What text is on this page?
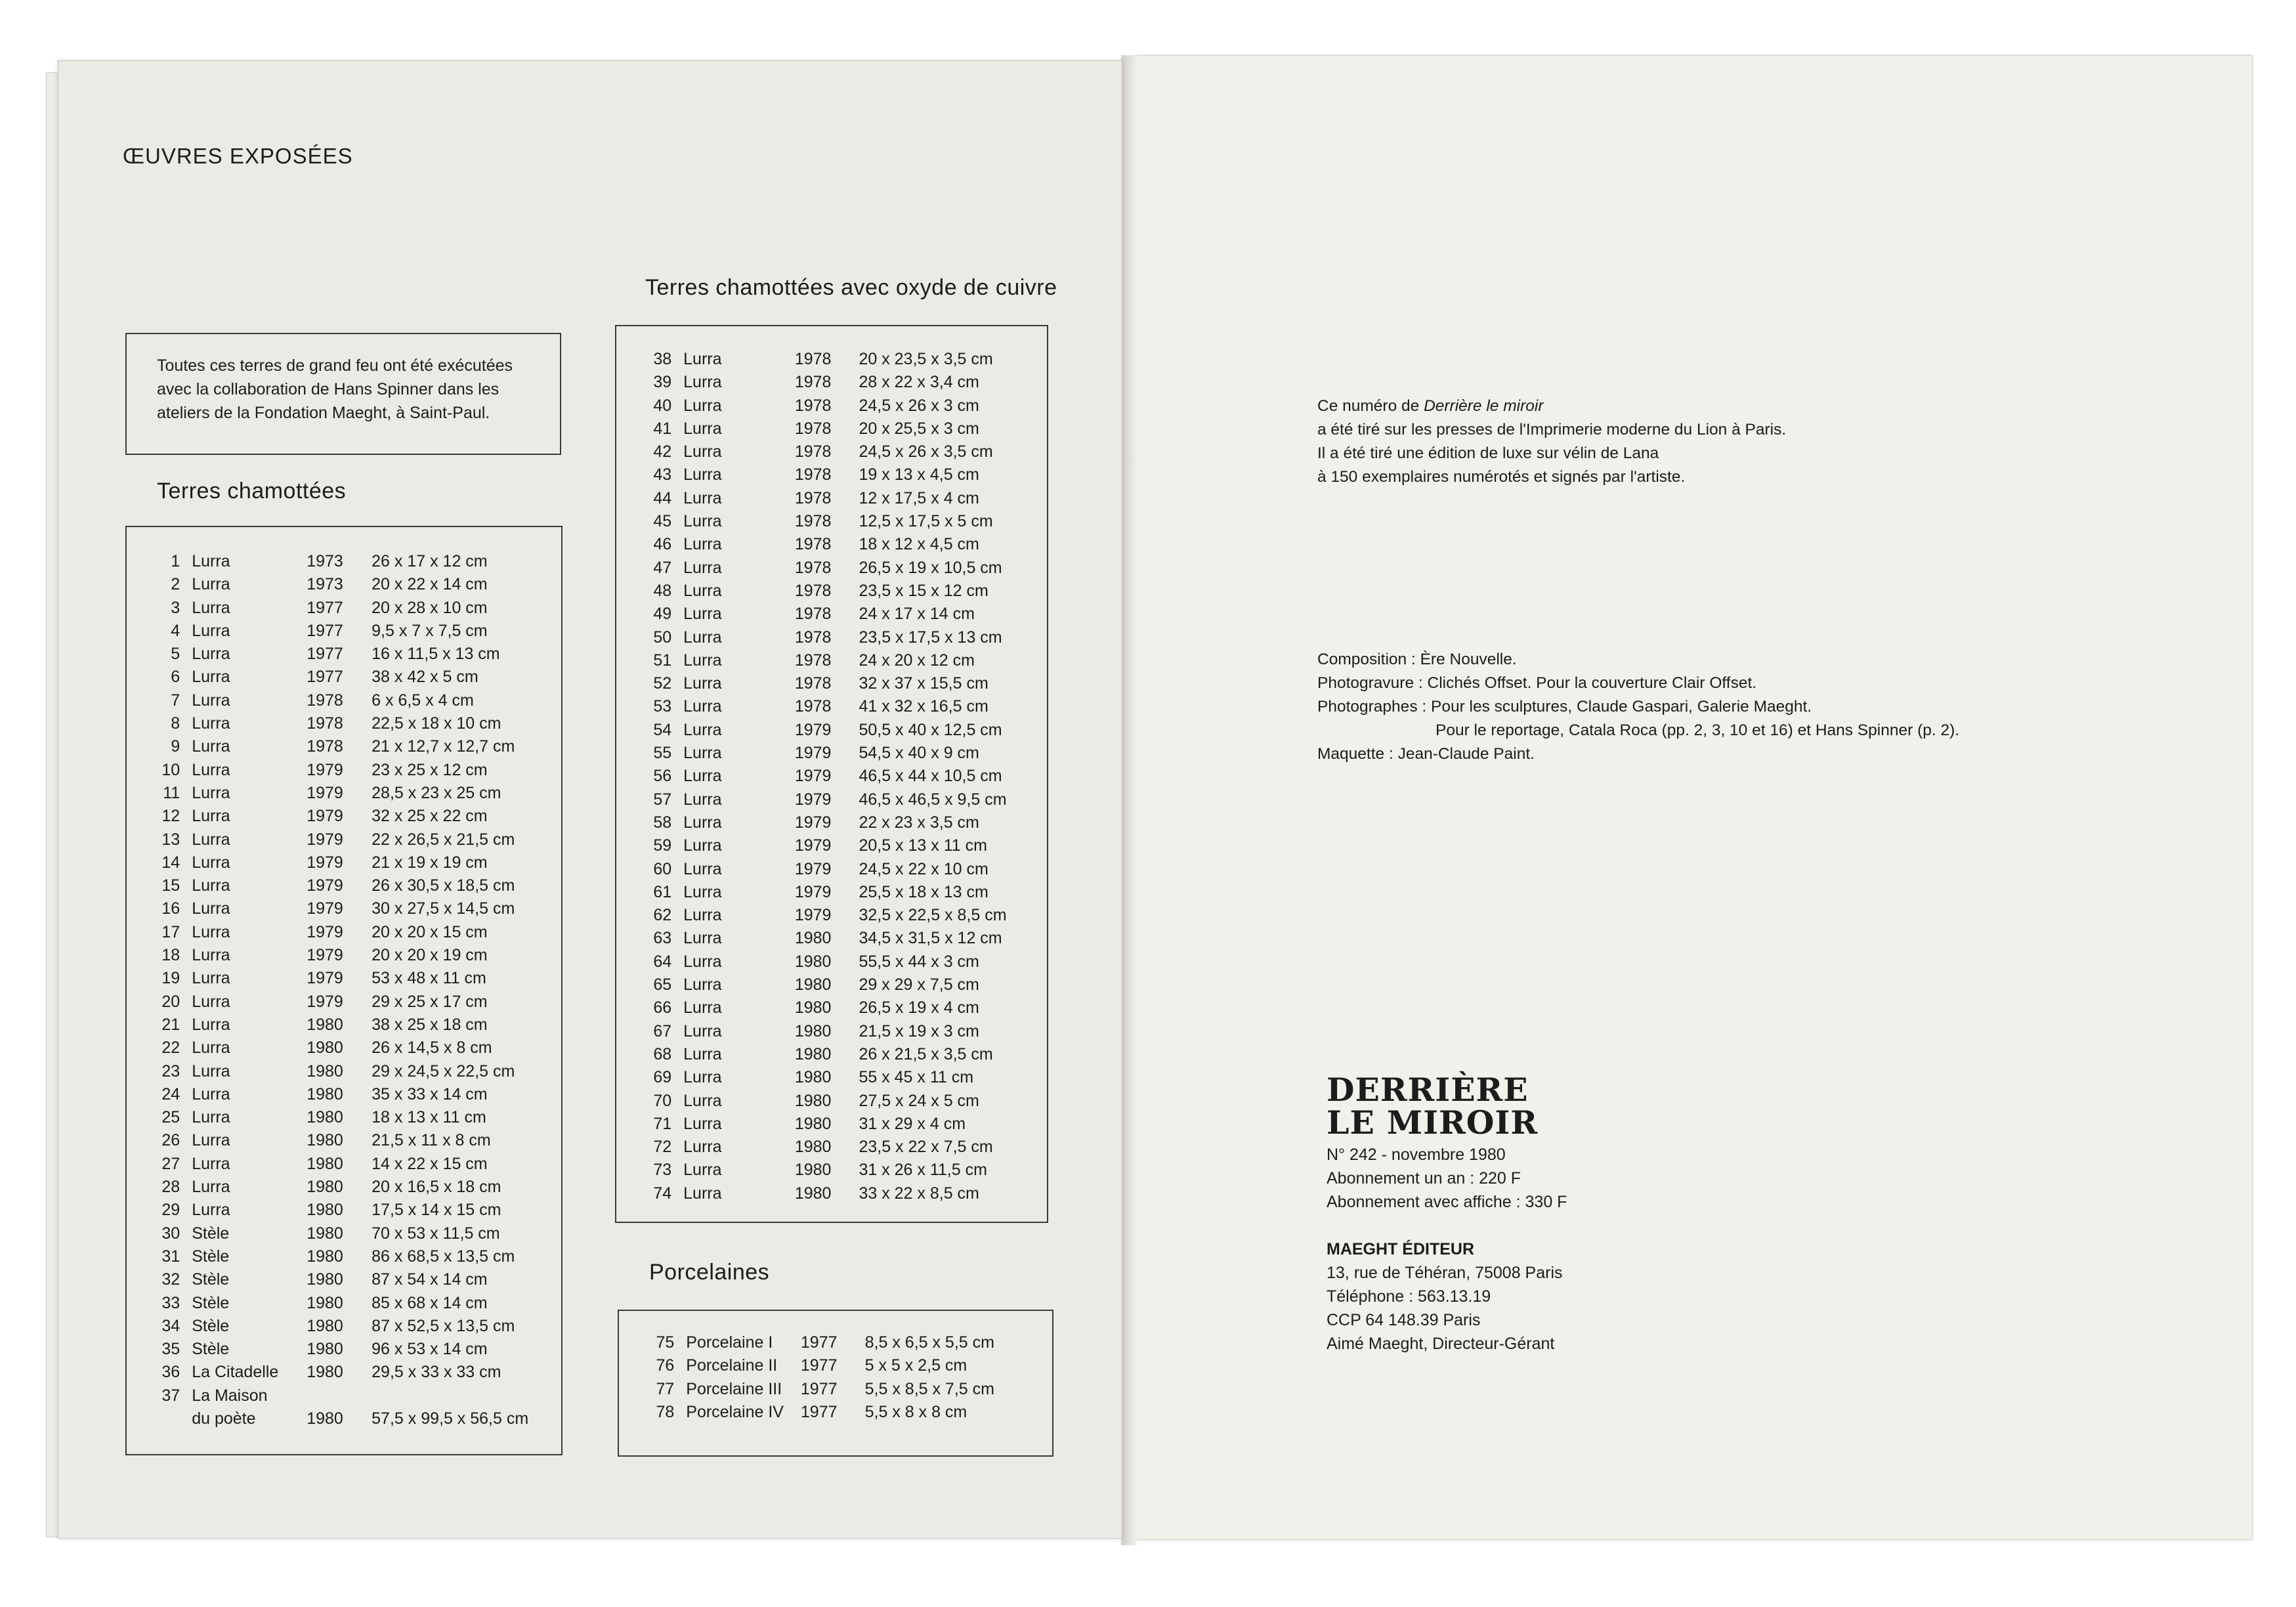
Ce numéro de Derrière le miroir
a été tiré sur les presses de l'Imprimerie moderne du Lion à Paris.
Il a été tiré une édition de luxe sur vélin de Lana
à 150 exemplaires numérotés et signés par l'artiste.
Composition : Ère Nouvelle.
Photogravure : Clichés Offset. Pour la couverture Clair Offset.
Photographes : Pour les sculptures, Claude Gaspari, Galerie Maeght.
Pour le reportage, Catala Roca (pp. 2, 3, 10 et 16) et Hans Spinner (p. 2).
Maquette : Jean-Claude Paint.
DERRIÈRE
LE MIROIR
N° 242 - novembre 1980
Abonnement un an : 220 F
Abonnement avec affiche : 330 F
MAEGHT ÉDITEUR
13, rue de Téhéran, 75008 Paris
Téléphone : 563.13.19
CCP 64 148.39 Paris
Aimé Maeght, Directeur-Gérant
ŒUVRES EXPOSÉES
Toutes ces terres de grand feu ont été exécutées avec la collaboration de Hans Spinner dans les ateliers de la Fondation Maeght, à Saint-Paul.
Terres chamottées
1	Lurra	1973	26 x 17 x 12 cm
2	Lurra	1973	20 x 22 x 14 cm
3	Lurra	1977	20 x 28 x 10 cm
4	Lurra	1977	9,5 x 7 x 7,5 cm
5	Lurra	1977	16 x 11,5 x 13 cm
6	Lurra	1977	38 x 42 x 5 cm
7	Lurra	1978	6 x 6,5 x 4 cm
8	Lurra	1978	22,5 x 18 x 10 cm
9	Lurra	1978	21 x 12,7 x 12,7 cm
10	Lurra	1979	23 x 25 x 12 cm
11	Lurra	1979	28,5 x 23 x 25 cm
12	Lurra	1979	32 x 25 x 22 cm
13	Lurra	1979	22 x 26,5 x 21,5 cm
14	Lurra	1979	21 x 19 x 19 cm
15	Lurra	1979	26 x 30,5 x 18,5 cm
16	Lurra	1979	30 x 27,5 x 14,5 cm
17	Lurra	1979	20 x 20 x 15 cm
18	Lurra	1979	20 x 20 x 19 cm
19	Lurra	1979	53 x 48 x 11 cm
20	Lurra	1979	29 x 25 x 17 cm
21	Lurra	1980	38 x 25 x 18 cm
22	Lurra	1980	26 x 14,5 x 8 cm
23	Lurra	1980	29 x 24,5 x 22,5 cm
24	Lurra	1980	35 x 33 x 14 cm
25	Lurra	1980	18 x 13 x 11 cm
26	Lurra	1980	21,5 x 11 x 8 cm
27	Lurra	1980	14 x 22 x 15 cm
28	Lurra	1980	20 x 16,5 x 18 cm
29	Lurra	1980	17,5 x 14 x 15 cm
30	Stèle	1980	70 x 53 x 11,5 cm
31	Stèle	1980	86 x 68,5 x 13,5 cm
32	Stèle	1980	87 x 54 x 14 cm
33	Stèle	1980	85 x 68 x 14 cm
34	Stèle	1980	87 x 52,5 x 13,5 cm
35	Stèle	1980	96 x 53 x 14 cm
36	La Citadelle	1980	29,5 x 33 x 33 cm
37	La Maison		
	du poète	1980	57,5 x 99,5 x 56,5 cm
Terres chamottées avec oxyde de cuivre
38	Lurra	1978	20 x 23,5 x 3,5 cm
39	Lurra	1978	28 x 22 x 3,4 cm
40	Lurra	1978	24,5 x 26 x 3 cm
41	Lurra	1978	20 x 25,5 x 3 cm
42	Lurra	1978	24,5 x 26 x 3,5 cm
43	Lurra	1978	19 x 13 x 4,5 cm
44	Lurra	1978	12 x 17,5 x 4 cm
45	Lurra	1978	12,5 x 17,5 x 5 cm
46	Lurra	1978	18 x 12 x 4,5 cm
47	Lurra	1978	26,5 x 19 x 10,5 cm
48	Lurra	1978	23,5 x 15 x 12 cm
49	Lurra	1978	24 x 17 x 14 cm
50	Lurra	1978	23,5 x 17,5 x 13 cm
51	Lurra	1978	24 x 20 x 12 cm
52	Lurra	1978	32 x 37 x 15,5 cm
53	Lurra	1978	41 x 32 x 16,5 cm
54	Lurra	1979	50,5 x 40 x 12,5 cm
55	Lurra	1979	54,5 x 40 x 9 cm
56	Lurra	1979	46,5 x 44 x 10,5 cm
57	Lurra	1979	46,5 x 46,5 x 9,5 cm
58	Lurra	1979	22 x 23 x 3,5 cm
59	Lurra	1979	20,5 x 13 x 11 cm
60	Lurra	1979	24,5 x 22 x 10 cm
61	Lurra	1979	25,5 x 18 x 13 cm
62	Lurra	1979	32,5 x 22,5 x 8,5 cm
63	Lurra	1980	34,5 x 31,5 x 12 cm
64	Lurra	1980	55,5 x 44 x 3 cm
65	Lurra	1980	29 x 29 x 7,5 cm
66	Lurra	1980	26,5 x 19 x 4 cm
67	Lurra	1980	21,5 x 19 x 3 cm
68	Lurra	1980	26 x 21,5 x 3,5 cm
69	Lurra	1980	55 x 45 x 11 cm
70	Lurra	1980	27,5 x 24 x 5 cm
71	Lurra	1980	31 x 29 x 4 cm
72	Lurra	1980	23,5 x 22 x 7,5 cm
73	Lurra	1980	31 x 26 x 11,5 cm
74	Lurra	1980	33 x 22 x 8,5 cm
Porcelaines
75	Porcelaine I	1977	8,5 x 6,5 x 5,5 cm
76	Porcelaine II	1977	5 x 5 x 2,5 cm
77	Porcelaine III	1977	5,5 x 8,5 x 7,5 cm
78	Porcelaine IV	1977	5,5 x 8 x 8 cm
